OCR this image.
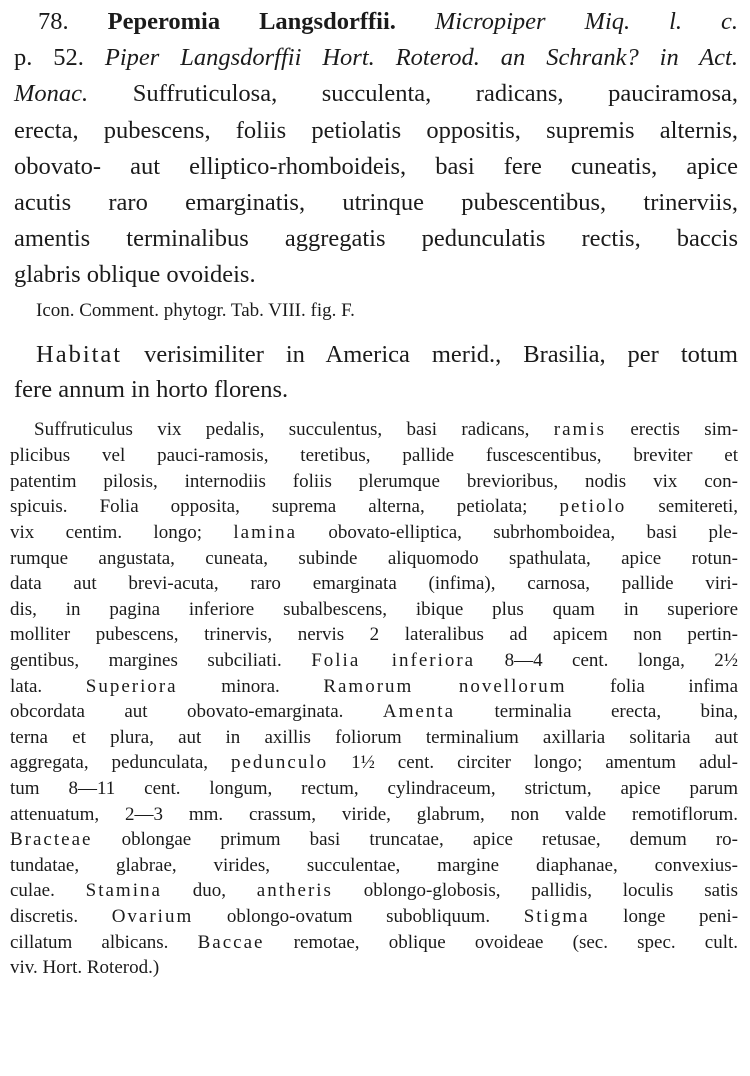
78. Peperomia Langsdorffii. Micropiper Miq. l. c.
p. 52. Piper Langsdorffii Hort. Roterod. an Schrank? in Act.
Monac. Suffruticulosa, succulenta, radicans, pauciramosa,
erecta, pubescens, foliis petiolatis oppositis, supremis alternis,
obovato- aut elliptico-rhomboideis, basi fere cuneatis, apice
acutis raro emarginatis, utrinque pubescentibus, trinerviis,
amentis terminalibus aggregatis pedunculatis rectis, baccis
glabris oblique ovoideis.
Icon. Comment. phytogr. Tab. VIII. fig. F.
Habitat verisimiliter in America merid., Brasilia, per totum
fere annum in horto florens.
Suffruticulus vix pedalis, succulentus, basi radicans, ramis erectis sim-
plicibus vel pauci-ramosis, teretibus, pallide fuscescentibus, breviter et
patentim pilosis, internodiis foliis plerumque brevioribus, nodis vix con-
spicuis. Folia opposita, suprema alterna, petiolata; petiolo semitereti,
vix centim. longo; lamina obovato-elliptica, subrhomboidea, basi ple-
rumque angustata, cuneata, subinde aliquomodo spathulata, apice rotun-
data aut brevi-acuta, raro emarginata (infima), carnosa, pallide viri-
dis, in pagina inferiore subalbescens, ibique plus quam in superiore
molliter pubescens, trinervis, nervis 2 lateralibus ad apicem non pertin-
gentibus, margines subciliati. Folia inferiora 8—4 cent. longa, 2½
lata. Superiora minora. Ramorum novellorum folia infima
obcordata aut obovato-emarginata. Amenta terminalia erecta, bina,
terna et plura, aut in axillis foliorum terminalium axillaria solitaria aut
aggregata, pedunculata, pedunculo 1½ cent. circiter longo; amentum adul-
tum 8—11 cent. longum, rectum, cylindraceum, strictum, apice parum
attenuatum, 2—3 mm. crassum, viride, glabrum, non valde remotiflorum.
Bracteae oblongae primum basi truncatae, apice retusae, demum ro-
tundatae, glabrae, virides, succulentae, margine diaphanae, convexius-
culae. Stamina duo, antheris oblongo-globosis, pallidis, loculis satis
discretis. Ovarium oblongo-ovatum subobliquum. Stigma longe peni-
cillatum albicans. Baccae remotae, oblique ovoideae (sec. spec. cult.
viv. Hort. Roterod.)
